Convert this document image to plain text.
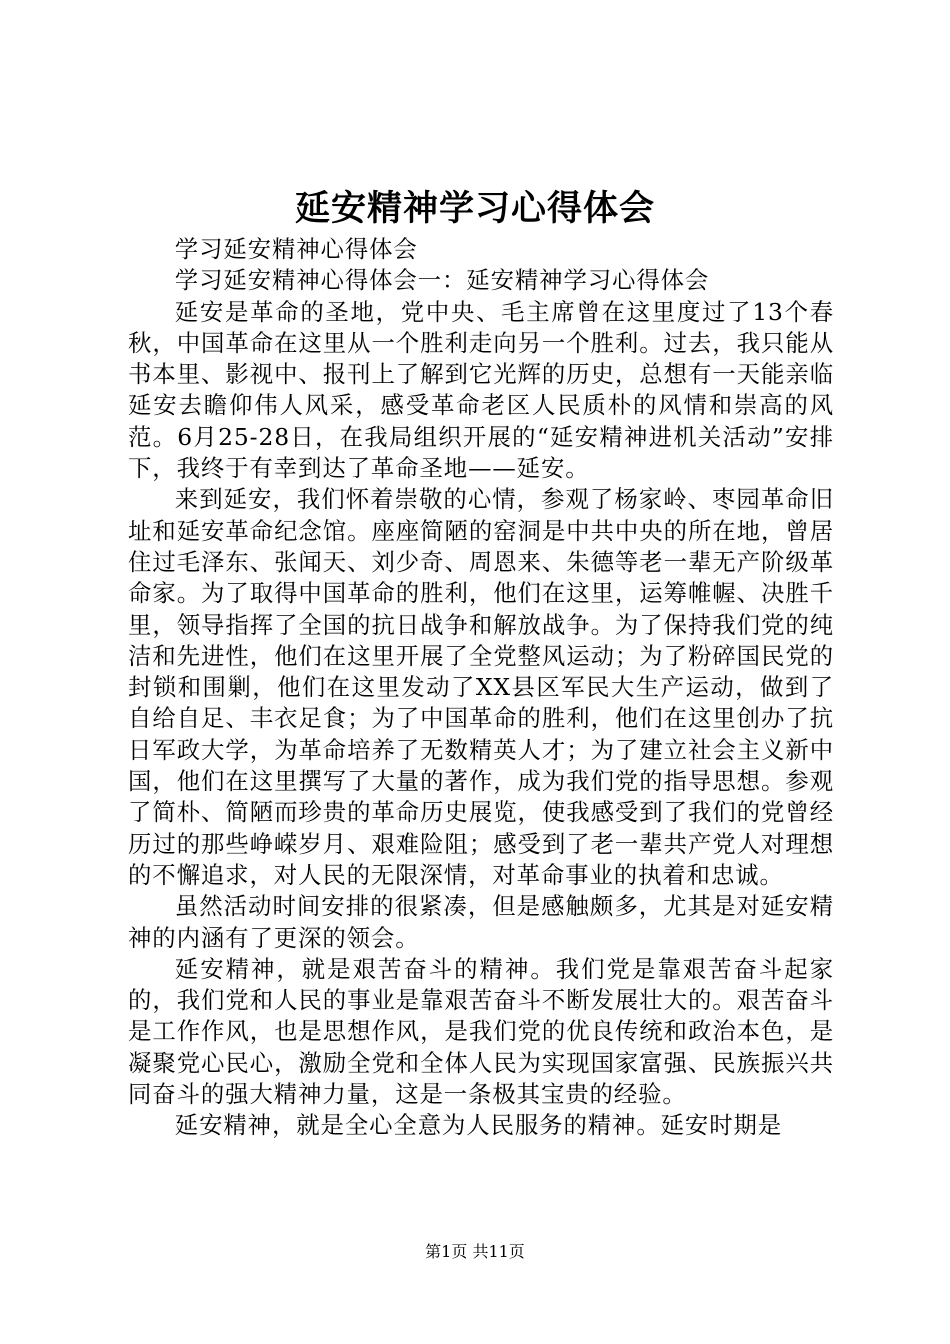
延安精神学习心得体会

学习延安精神心得体会

学习延安精神心得体会一：延安精神学习心得体会

延安是革命的圣地，党中央、毛主席曾在这里度过了13个春秋，中国革命在这里从一个胜利走向另一个胜利。过去，我只能从书本里、影视中、报刊上了解到它光辉的历史，总想有一天能亲临延安去瞻仰伟人风采，感受革命老区人民质朴的风情和崇高的风范。6月25-28日，在我局组织开展的“延安精神进机关活动”安排下，我终于有幸到达了革命圣地——延安。

来到延安，我们怀着崇敬的心情，参观了杨家岭、枣园革命旧址和延安革命纪念馆。座座简陋的窑洞是中共中央的所在地，曾居住过毛泽东、张闻天、刘少奇、周恩来、朱德等老一辈无产阶级革命家。为了取得中国革命的胜利，他们在这里，运筹帷幄、决胜千里，领导指挥了全国的抗日战争和解放战争。为了保持我们党的纯洁和先进性，他们在这里开展了全党整风运动；为了粉碎国民党的封锁和围剿，他们在这里发动了XX县区军民大生产运动，做到了自给自足、丰衣足食；为了中国革命的胜利，他们在这里创办了抗日军政大学，为革命培养了无数精英人才；为了建立社会主义新中国，他们在这里撰写了大量的著作，成为我们党的指导思想。参观了简朴、简陋而珍贵的革命历史展览，使我感受到了我们的党曾经历过的那些峥嵘岁月、艰难险阻；感受到了老一辈共产党人对理想的不懈追求，对人民的无限深情，对革命事业的执着和忠诚。

虽然活动时间安排的很紧凑，但是感触颇多，尤其是对延安精神的内涵有了更深的领会。

延安精神，就是艰苦奋斗的精神。我们党是靠艰苦奋斗起家的，我们党和人民的事业是靠艰苦奋斗不断发展壮大的。艰苦奋斗是工作作风，也是思想作风，是我们党的优良传统和政治本色，是凝聚党心民心，激励全党和全体人民为实现国家富强、民族振兴共同奋斗的强大精神力量，这是一条极其宝贵的经验。

延安精神，就是全心全意为人民服务的精神。延安时期是

第1页 共11页
